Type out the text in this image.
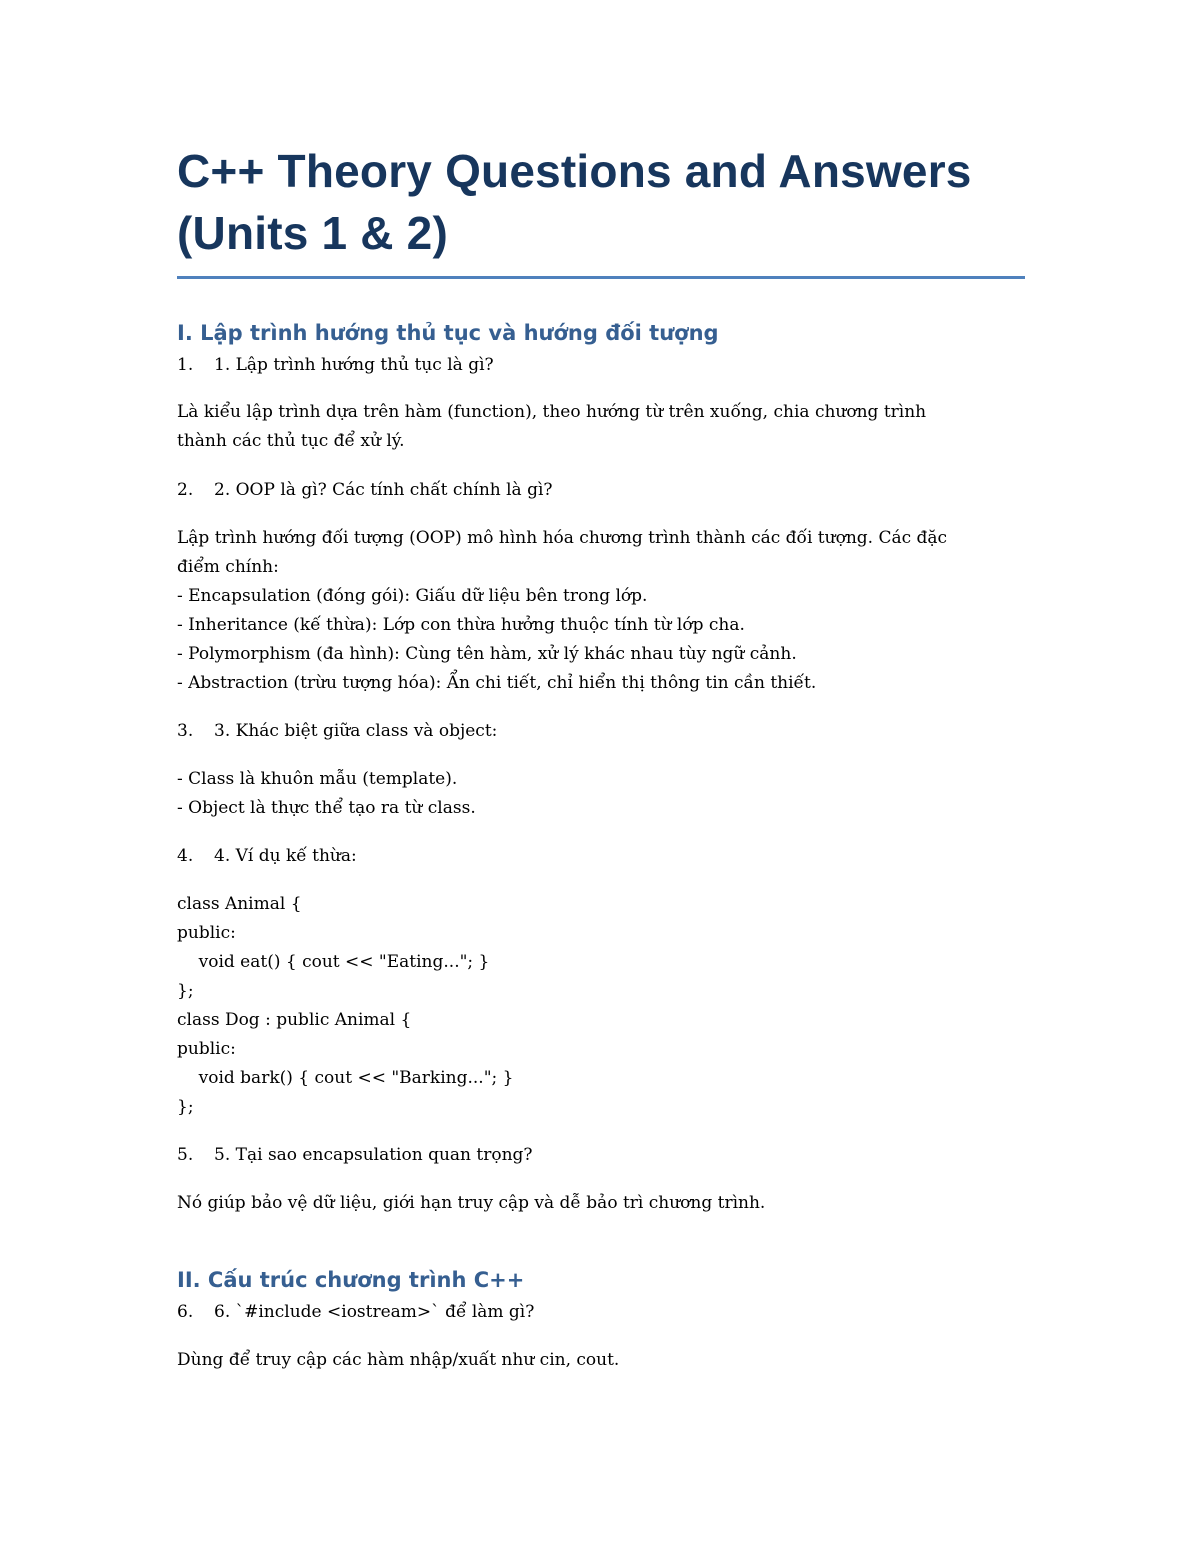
C++ Theory Questions and Answers
(Units 1 & 2)
I. Lập trình hướng thủ tục và hướng đối tượng

1. 1. Lập trình hướng thủ tục là gì?

Là kiểu lập trình dựa trên hàm (function), theo hướng từ trên xuống, chia chương trình
thành các thủ tục để xử lý.

2. 2. OOP là gì? Các tính chất chính là gì?

Lập trình hướng đối tượng (OOP) mô hình hóa chương trình thành các đối tượng. Các đặc
điểm chính:
- Encapsulation (đóng gói): Giấu dữ liệu bên trong lớp.
- Inheritance (kế thừa): Lớp con thừa hưởng thuộc tính từ lớp cha.
- Polymorphism (đa hình): Cùng tên hàm, xử lý khác nhau tùy ngữ cảnh.
- Abstraction (trừu tượng hóa): Ẩn chi tiết, chỉ hiển thị thông tin cần thiết.

3. 3. Khác biệt giữa class và object:

- Class là khuôn mẫu (template).
- Object là thực thể tạo ra từ class.

4. 4. Ví dụ kế thừa:

class Animal {
public:
void eat() { cout << "Eating..."; }
};
class Dog : public Animal {
public:
void bark() { cout << "Barking..."; }
};

5. 5. Tại sao encapsulation quan trọng?

Nó giúp bảo vệ dữ liệu, giới hạn truy cập và dễ bảo trì chương trình.

II. Cấu trúc chương trình C++

6. 6. `#include <iostream>` để làm gì?

Dùng để truy cập các hàm nhập/xuất như cin, cout.
